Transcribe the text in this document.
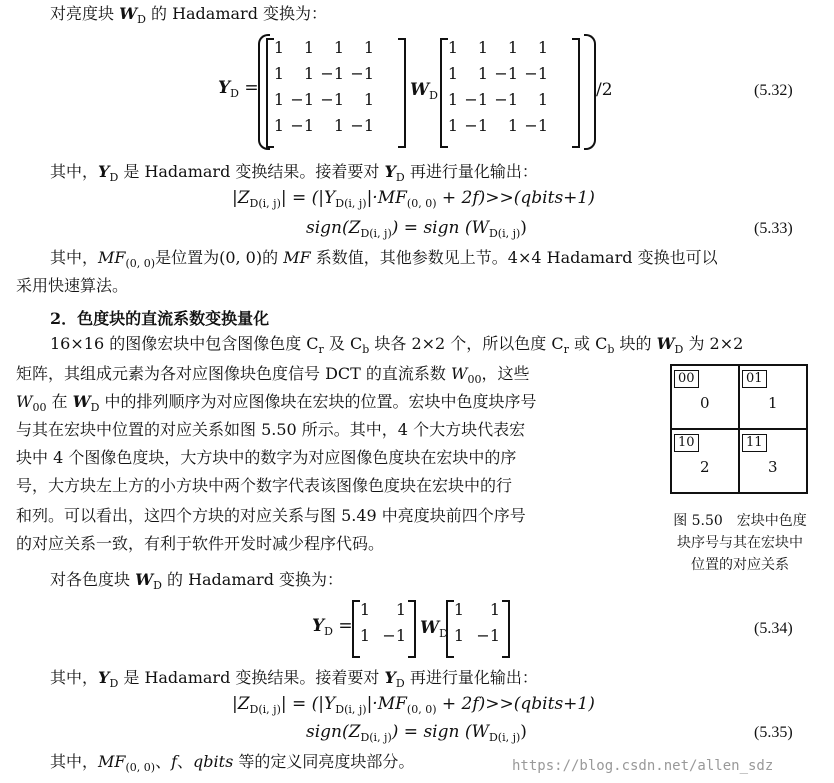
对亮度块 $W_D$ 的 Hadamard 变换为：
$Y_D$ =
1	1	1	1
1	1 −1 −1
1 −1 −1	1
1 −1	1 −1
$W_D$
1	1	1	1
1	1 −1 −1
1 −1 −1	1
1 −1	1 −1
/2	(5.32)
其中，$Y_D$ 是 Hadamard 变换结果。接着要对 $Y_D$ 再进行量化输出：
$|Z_{D(i, j)}| = (|Y_{D(i, j)}|\cdot MF_{(0, 0)}$ + 2f)>>(qbits+1)
$sign(Z_{D(i, j)})$ = sign $(W_{D(i, j)})$	(5.33)
其中，$MF_{(0, 0)}$是位置为(0, 0)的 MF 系数值，其他参数见上节。4×4 Hadamard 变换也可以
采用快速算法。
2．色度块的直流系数变换量化
16×16 的图像宏块中包含图像色度 $C_r$ 及 $C_b$ 块各 2×2 个，所以色度 $C_r$ 或 $C_b$ 块的 $W_D$ 为 2×2
矩阵，其组成元素为各对应图像块色度信号 DCT 的直流系数 $W_{00}$，这些
$W_{00}$ 在 $W_D$ 中的排列顺序为对应图像块在宏块的位置。宏块中色度块序号
与其在宏块中位置的对应关系如图 5.50 所示。其中，4 个大方块代表宏
块中 4 个图像色度块，大方块中的数字为对应图像色度块在宏块中的序
号，大方块左上方的小方块中两个数字代表该图像色度块在宏块中的行
和列。可以看出，这四个方块的对应关系与图 5.49 中亮度块前四个序号
的对应关系一致，有利于软件开发时减少程序代码。
00
0
01
1
10
2
11
3
图 5.50　宏块中色度
块序号与其在宏块中
位置的对应关系
对各色度块 $W_D$ 的 Hadamard 变换为：
$Y_D$ =
1	1
1 −1 $W_D$
1	1
1 −1	(5.34)
其中，$Y_D$ 是 Hadamard 变换结果。接着要对 $Y_D$ 再进行量化输出：
$|Z_{D(i, j)}| = (|Y_{D(i, j)}|\cdot MF_{(0, 0)}$ + 2f)>>(qbits+1)
$sign(Z_{D(i, j)})$ = sign $(W_{D(i, j)})$	(5.35)
其中，$MF_{(0, 0)}$、f、qbits 等的定义同亮度块部分。	https://blog.csdn.net/allen_sdz
